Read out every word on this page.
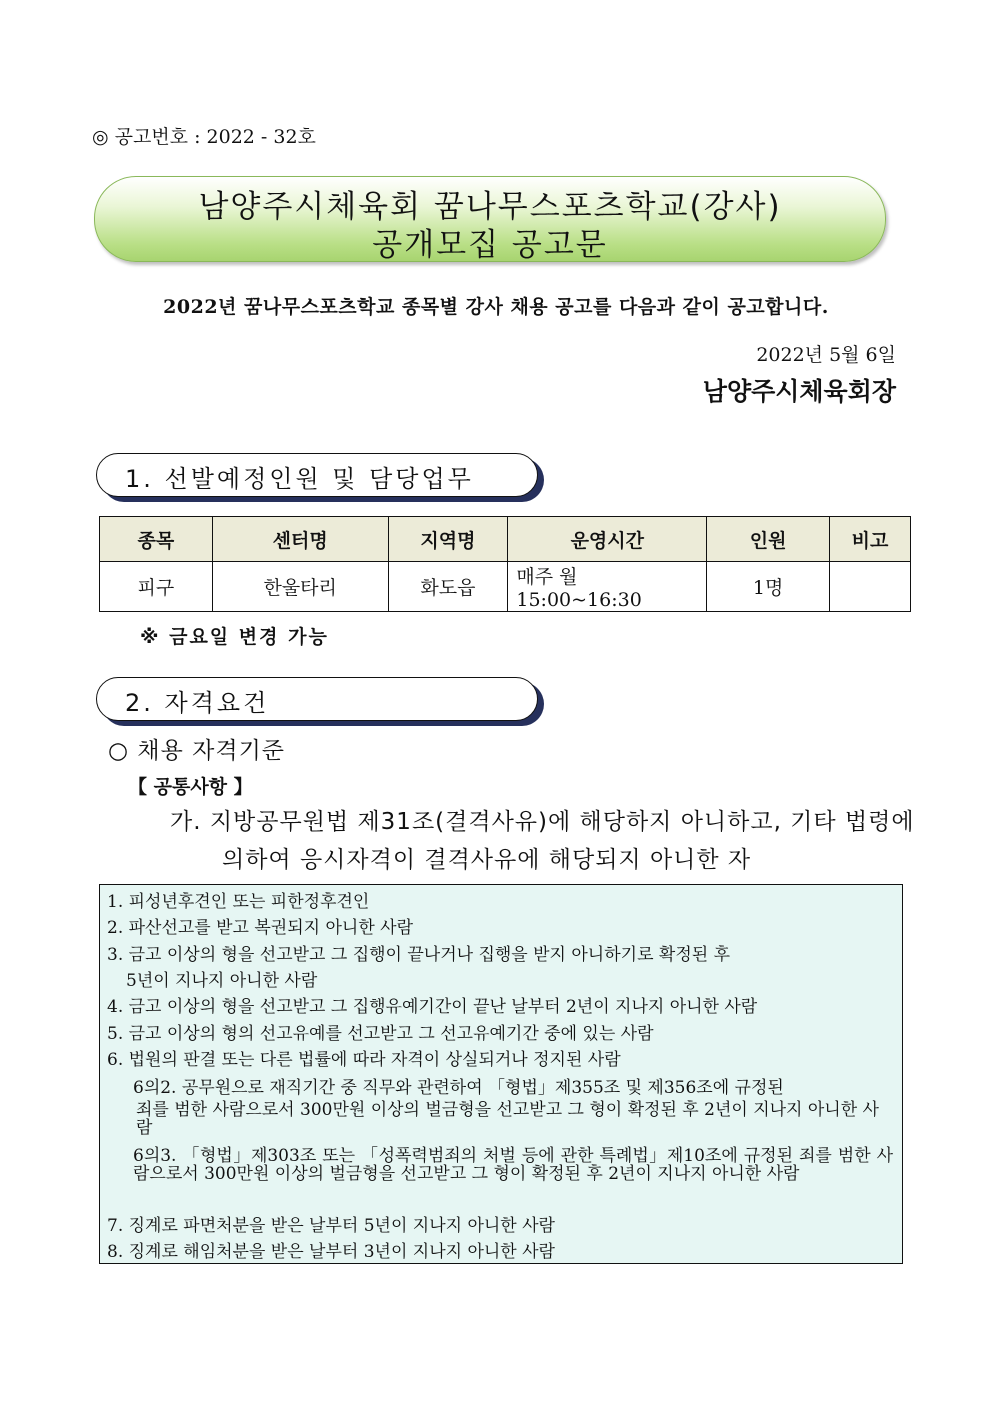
◎ 공고번호 : 2022 - 32호
남양주시체육회 꿈나무스포츠학교(강사)
공개모집 공고문
2022년 꿈나무스포츠학교 종목별 강사 채용 공고를 다음과 같이 공고합니다.
2022년 5월 6일
남양주시체육회장
1. 선발예정인원 및 담당업무
종목	센터명	지역명	운영시간	인원	비고
피구	한울타리	화도읍	매주 월 15:00~16:30	1명	
※ 금요일 변경 가능
2. 자격요건
○ 채용 자격기준
【 공통사항 】
가. 지방공무원법 제31조(결격사유)에 해당하지 아니하고, 기타 법령에
의하여 응시자격이 결격사유에 해당되지 아니한 자
1. 피성년후견인 또는 피한정후견인
2. 파산선고를 받고 복권되지 아니한 사람
3. 금고 이상의 형을 선고받고 그 집행이 끝나거나 집행을 받지 아니하기로 확정된 후
5년이 지나지 아니한 사람
4. 금고 이상의 형을 선고받고 그 집행유예기간이 끝난 날부터 2년이 지나지 아니한 사람
5. 금고 이상의 형의 선고유예를 선고받고 그 선고유예기간 중에 있는 사람
6. 법원의 판결 또는 다른 법률에 따라 자격이 상실되거나 정지된 사람
6의2. 공무원으로 재직기간 중 직무와 관련하여 「형법」제355조 및 제356조에 규정된
죄를 범한 사람으로서 300만원 이상의 벌금형을 선고받고 그 형이 확정된 후 2년이 지나지 아니한 사람
6의3. 「형법」제303조 또는 「성폭력범죄의 처벌 등에 관한 특례법」제10조에 규정된 죄를 범한 사람으로서 300만원 이상의 벌금형을 선고받고 그 형이 확정된 후 2년이 지나지 아니한 사람
7. 징계로 파면처분을 받은 날부터 5년이 지나지 아니한 사람
8. 징계로 해임처분을 받은 날부터 3년이 지나지 아니한 사람
